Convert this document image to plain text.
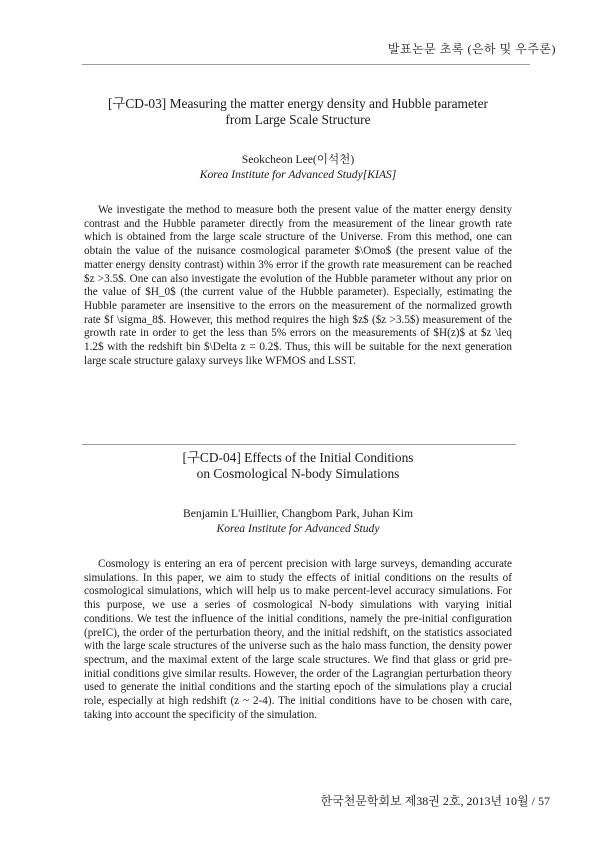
발표논문 초록 (은하 및 우주론)

[구CD-03] Measuring the matter energy density and Hubble parameter
from Large Scale Structure

Seokcheon Lee(이석천)
Korea Institute for Advanced Study[KIAS]
We investigate the method to measure both the present value of the matter energy density contrast and the Hubble parameter directly from the measurement of the linear growth rate which is obtained from the large scale structure of the Universe. From this method, one can obtain the value of the nuisance cosmological parameter $\Omo$ (the present value of the matter energy density contrast) within 3% error if the growth rate measurement can be reached $z >3.5$. One can also investigate the evolution of the Hubble parameter without any prior on the value of $H_0$ (the current value of the Hubble parameter). Especially, estimating the Hubble parameter are insensitive to the errors on the measurement of the normalized growth rate $f \sigma_8$. However, this method requires the high $z$ ($z >3.5$) measurement of the growth rate in order to get the less than 5% errors on the measurements of $H(z)$ at $z \leq 1.2$ with the redshift bin $\Delta z = 0.2$. Thus, this will be suitable for the next generation large scale structure galaxy surveys like WFMOS and LSST.

[구CD-04] Effects of the Initial Conditions
on Cosmological N-body Simulations

Benjamin L'Huillier, Changbom Park, Juhan Kim
Korea Institute for Advanced Study
Cosmology is entering an era of percent precision with large surveys, demanding accurate simulations. In this paper, we aim to study the effects of initial conditions on the results of cosmological simulations, which will help us to make percent-level accuracy simulations. For this purpose, we use a series of cosmological N-body simulations with varying initial conditions. We test the influence of the initial conditions, namely the pre-initial configuration (preIC), the order of the perturbation theory, and the initial redshift, on the statistics associated with the large scale structures of the universe such as the halo mass function, the density power spectrum, and the maximal extent of the large scale structures. We find that glass or grid pre-initial conditions give similar results. However, the order of the Lagrangian perturbation theory used to generate the initial conditions and the starting epoch of the simulations play a crucial role, especially at high redshift (z ~ 2-4). The initial conditions have to be chosen with care, taking into account the specificity of the simulation.
한국천문학회보 제38권 2호, 2013년 10월 / 57
